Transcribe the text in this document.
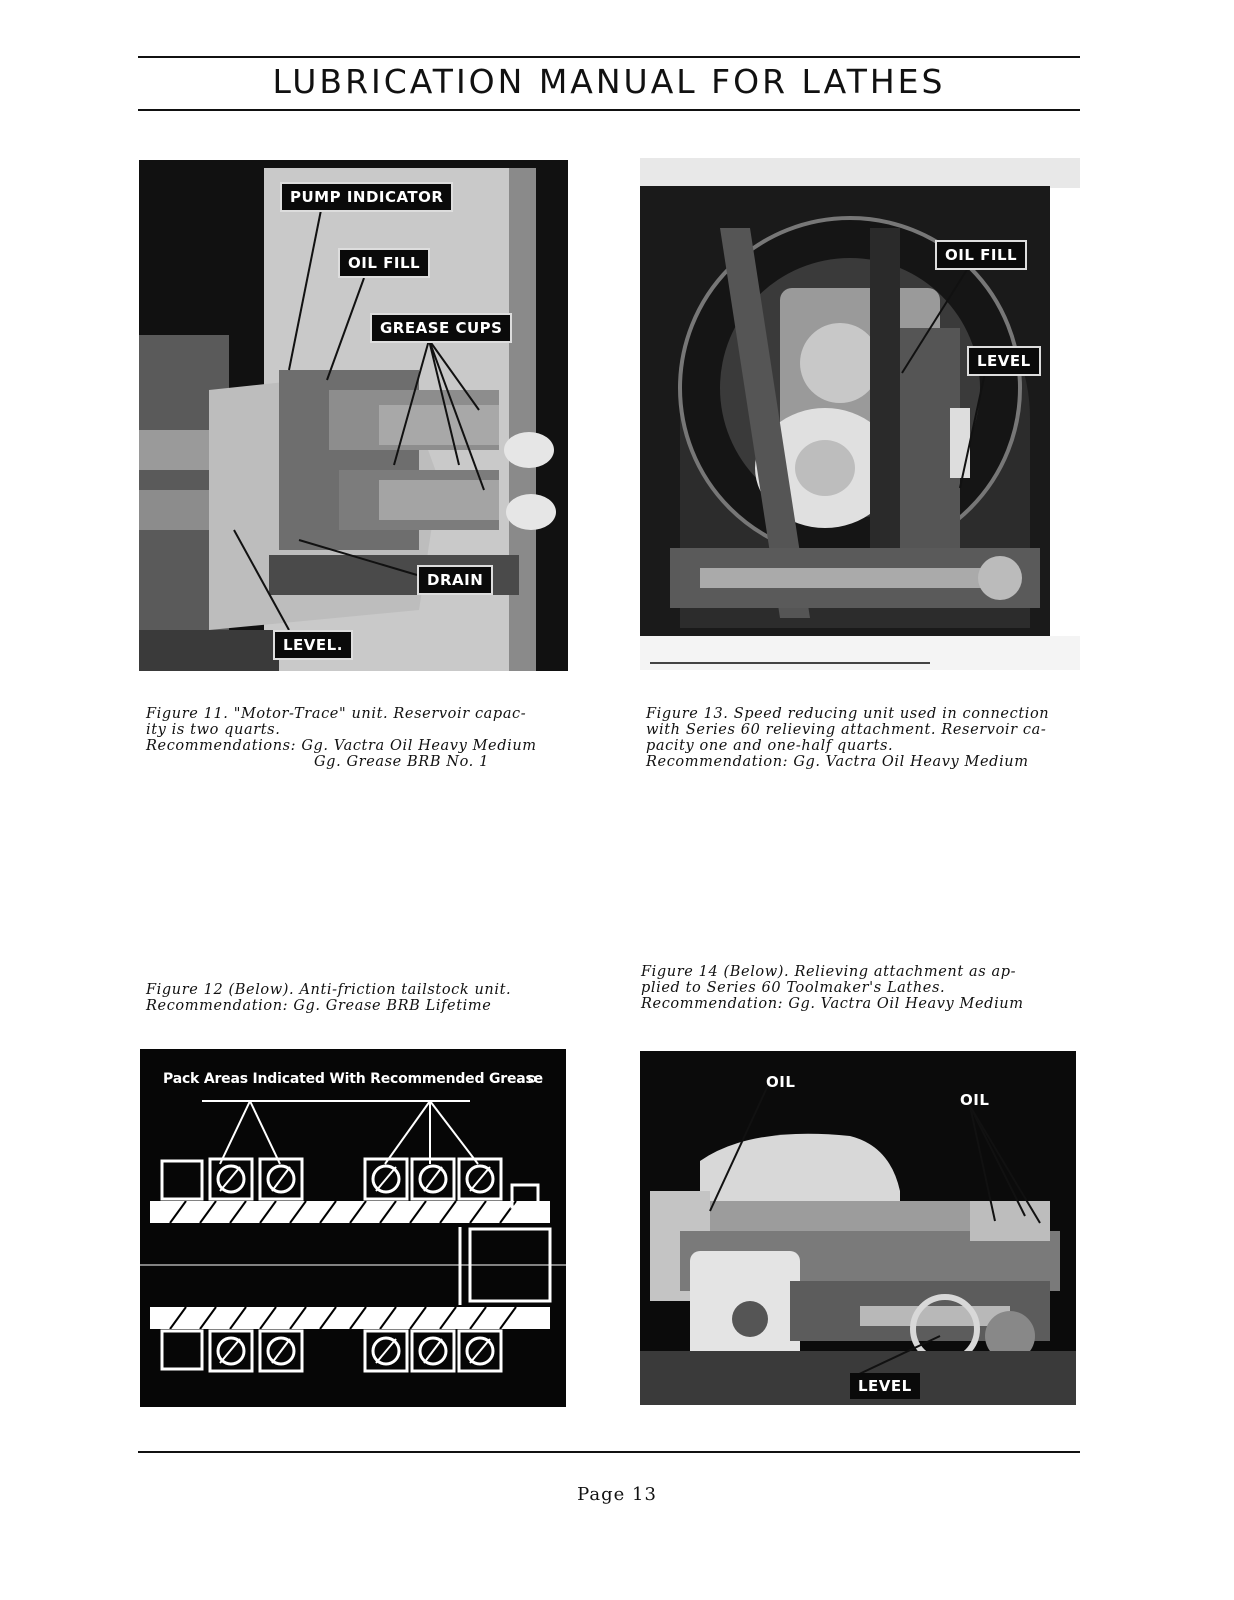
LUBRICATION MANUAL FOR LATHES
PUMP INDICATOR
OIL FILL
GREASE CUPS
DRAIN
LEVEL.
Figure 11. "Motor-Trace" unit. Reservoir capac-
ity is two quarts.
Recommendations: Gg. Vactra Oil Heavy Medium
Gg. Grease BRB No. 1
OIL FILL
LEVEL
Figure 13. Speed reducing unit used in connection
with Series 60 relieving attachment. Reservoir ca-
pacity one and one-half quarts.
Recommendation: Gg. Vactra Oil Heavy Medium
Figure 12 (Below). Anti-friction tailstock unit.
Recommendation: Gg. Grease BRB Lifetime
Figure 14 (Below). Relieving attachment as ap-
plied to Series 60 Toolmaker's Lathes.
Recommendation: Gg. Vactra Oil Heavy Medium
Pack Areas Indicated With Recommended Grease	OIL
OIL
LEVEL
Page 13
